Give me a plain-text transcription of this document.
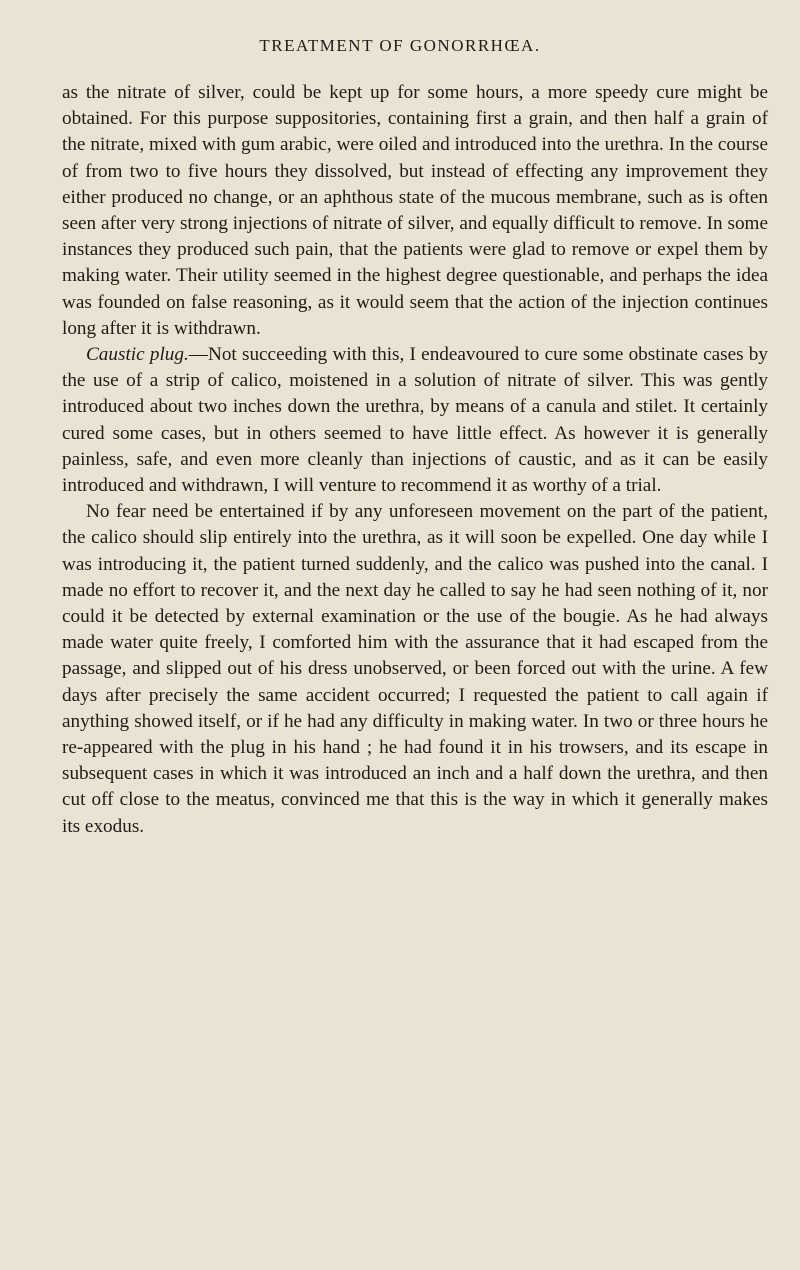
TREATMENT OF GONORRHŒA.

as the nitrate of silver, could be kept up for some hours, a more speedy cure might be obtained. For this purpose suppositories, containing first a grain, and then half a grain of the nitrate, mixed with gum arabic, were oiled and introduced into the urethra. In the course of from two to five hours they dissolved, but instead of effecting any improvement they either produced no change, or an aphthous state of the mucous membrane, such as is often seen after very strong injections of nitrate of silver, and equally difficult to remove. In some instances they produced such pain, that the patients were glad to remove or expel them by making water. Their utility seemed in the highest degree questionable, and perhaps the idea was founded on false reasoning, as it would seem that the action of the injection continues long after it is withdrawn.

Caustic plug.—Not succeeding with this, I endeavoured to cure some obstinate cases by the use of a strip of calico, moistened in a solution of nitrate of silver. This was gently introduced about two inches down the urethra, by means of a canula and stilet. It certainly cured some cases, but in others seemed to have little effect. As however it is generally painless, safe, and even more cleanly than injections of caustic, and as it can be easily introduced and withdrawn, I will venture to recommend it as worthy of a trial.

No fear need be entertained if by any unforeseen movement on the part of the patient, the calico should slip entirely into the urethra, as it will soon be expelled. One day while I was introducing it, the patient turned suddenly, and the calico was pushed into the canal. I made no effort to recover it, and the next day he called to say he had seen nothing of it, nor could it be detected by external examination or the use of the bougie. As he had always made water quite freely, I comforted him with the assurance that it had escaped from the passage, and slipped out of his dress unobserved, or been forced out with the urine. A few days after precisely the same accident occurred; I requested the patient to call again if anything showed itself, or if he had any difficulty in making water. In two or three hours he re-appeared with the plug in his hand ; he had found it in his trowsers, and its escape in subsequent cases in which it was introduced an inch and a half down the urethra, and then cut off close to the meatus, convinced me that this is the way in which it generally makes its exodus.
